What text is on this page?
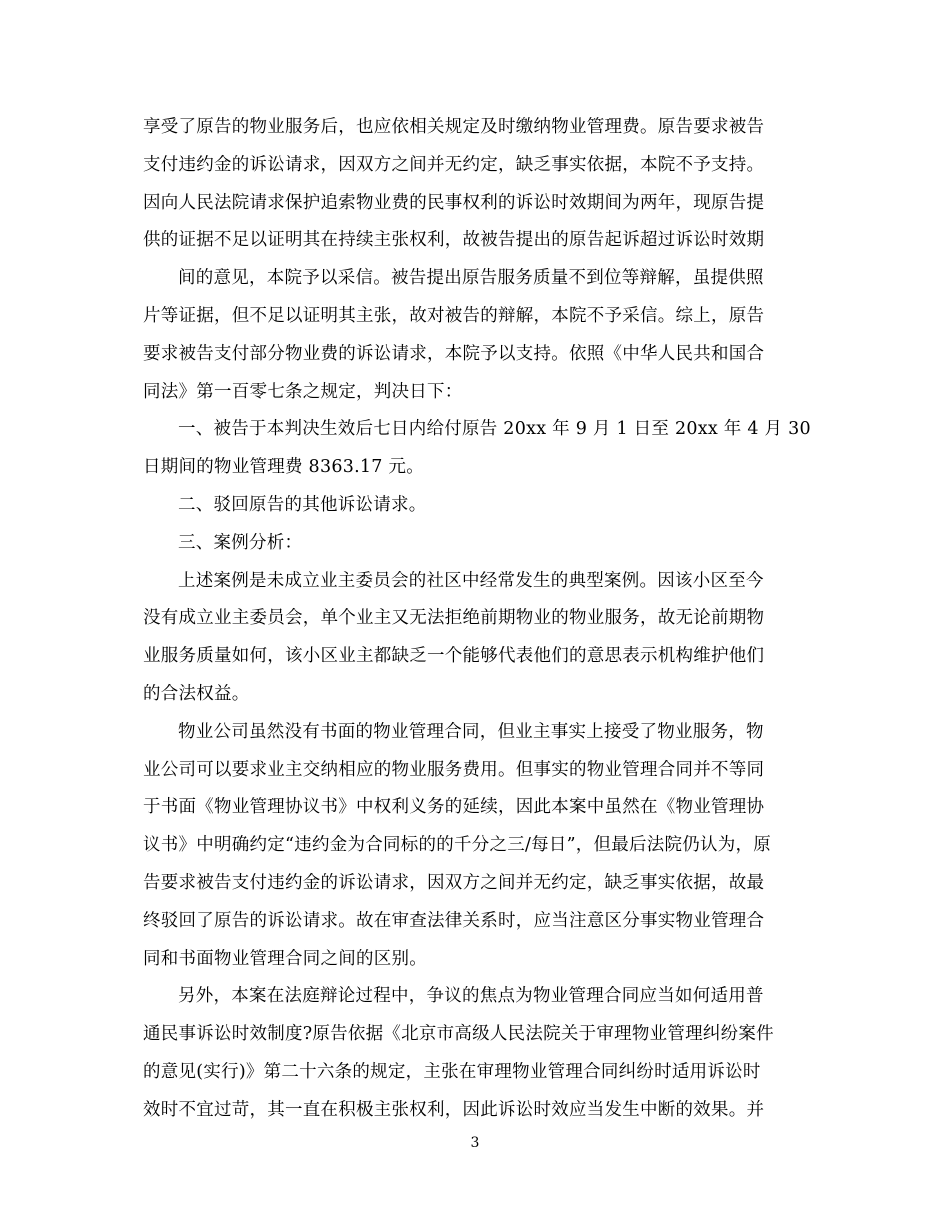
享受了原告的物业服务后，也应依相关规定及时缴纳物业管理费。原告要求被告
支付违约金的诉讼请求，因双方之间并无约定，缺乏事实依据，本院不予支持。
因向人民法院请求保护追索物业费的民事权利的诉讼时效期间为两年，现原告提
供的证据不足以证明其在持续主张权利，故被告提出的原告起诉超过诉讼时效期
间的意见，本院予以采信。被告提出原告服务质量不到位等辩解，虽提供照
片等证据，但不足以证明其主张，故对被告的辩解，本院不予采信。综上，原告
要求被告支付部分物业费的诉讼请求，本院予以支持。依照《中华人民共和国合
同法》第一百零七条之规定，判决日下：
一、被告于本判决生效后七日内给付原告 20xx 年 9 月 1 日至 20xx 年 4 月 30
日期间的物业管理费 8363.17 元。
二、驳回原告的其他诉讼请求。
三、案例分析：
上述案例是未成立业主委员会的社区中经常发生的典型案例。因该小区至今
没有成立业主委员会，单个业主又无法拒绝前期物业的物业服务，故无论前期物
业服务质量如何，该小区业主都缺乏一个能够代表他们的意思表示机构维护他们
的合法权益。
物业公司虽然没有书面的物业管理合同，但业主事实上接受了物业服务，物
业公司可以要求业主交纳相应的物业服务费用。但事实的物业管理合同并不等同
于书面《物业管理协议书》中权利义务的延续，因此本案中虽然在《物业管理协
议书》中明确约定“违约金为合同标的的千分之三/每日”，但最后法院仍认为，原
告要求被告支付违约金的诉讼请求，因双方之间并无约定，缺乏事实依据，故最
终驳回了原告的诉讼请求。故在审查法律关系时，应当注意区分事实物业管理合
同和书面物业管理合同之间的区别。
另外，本案在法庭辩论过程中，争议的焦点为物业管理合同应当如何适用普
通民事诉讼时效制度?原告依据《北京市高级人民法院关于审理物业管理纠纷案件
的意见(实行)》第二十六条的规定，主张在审理物业管理合同纠纷时适用诉讼时
效时不宜过苛，其一直在积极主张权利，因此诉讼时效应当发生中断的效果。并
3
